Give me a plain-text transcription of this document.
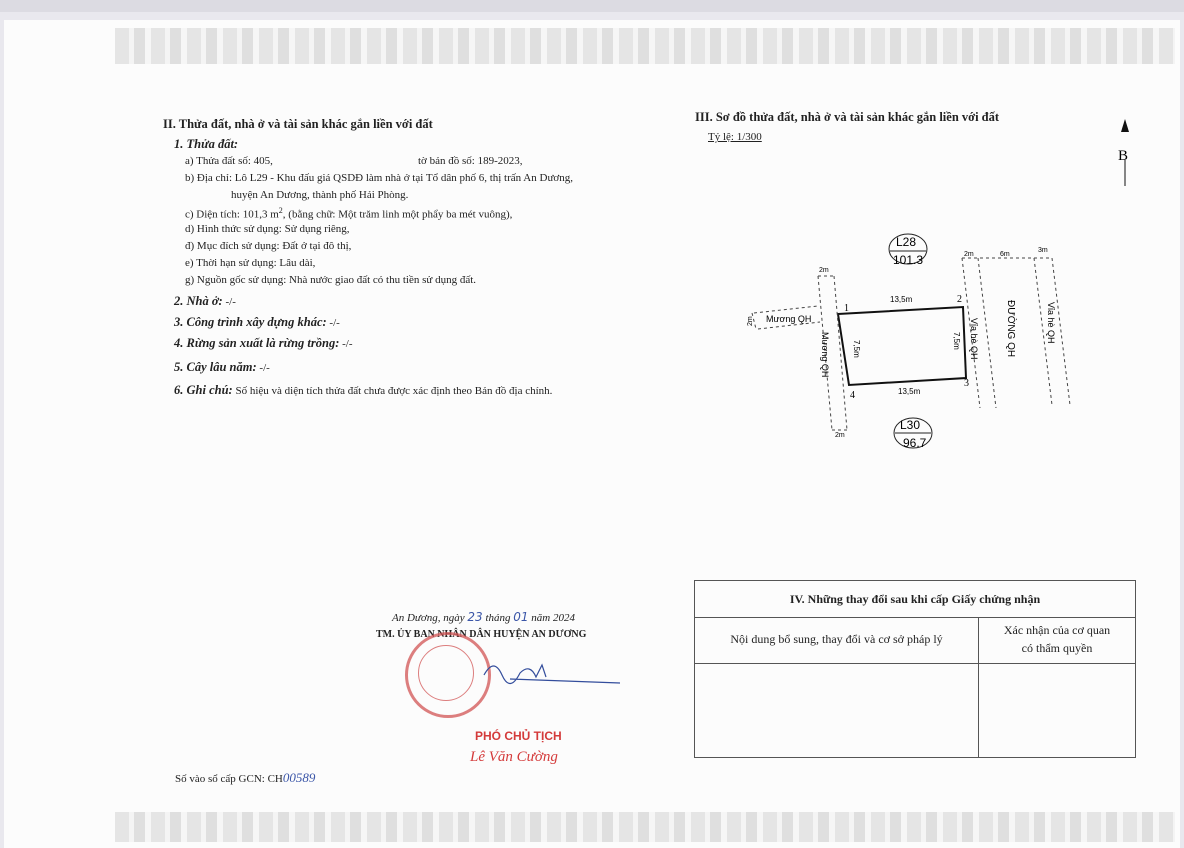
II. Thửa đất, nhà ở và tài sản khác gắn liền với đất
1. Thửa đất:
a) Thửa đất số: 405,	tờ bản đồ số: 189-2023,
b) Địa chỉ: Lô L29 - Khu đấu giá QSDĐ làm nhà ở tại Tổ dân phố 6, thị trấn An Dương,
huyện An Dương, thành phố Hải Phòng.
c) Diện tích: 101,3 $m^2$, (bằng chữ: Một trăm linh một phẩy ba mét vuông),
d) Hình thức sử dụng: Sử dụng riêng,
đ) Mục đích sử dụng: Đất ở tại đô thị,
e) Thời hạn sử dụng: Lâu dài,
g) Nguồn gốc sử dụng: Nhà nước giao đất có thu tiền sử dụng đất.
2. Nhà ở: -/-
3. Công trình xây dựng khác: -/-
4. Rừng sản xuất là rừng trồng: -/-
5. Cây lâu năm: -/-
6. Ghi chú: Số hiệu và diện tích thửa đất chưa được xác định theo Bản đồ địa chính.
III. Sơ đồ thửa đất, nhà ở và tài sản khác gắn liền với đất
Tỷ lệ: 1/300
B
L28
101.3
L30
96.7
13,5m
13,5m
7,5m	7,5m
1
2
3
4
Mương QH
Mương QH	ĐƯỜNG QH
Vỉa hè QH	Vỉa hè QH
2m
2m
2m
2m	6m
3m
An Dương, ngày 23 tháng 01 năm 2024
TM. ỦY BAN NHÂN DÂN HUYỆN AN DƯƠNG
PHÓ CHỦ TỊCH
Lê Văn Cường
Số vào sổ cấp GCN: CH00589
IV. Những thay đổi sau khi cấp Giấy chứng nhận
Nội dung bổ sung, thay đổi và cơ sở pháp lý
Xác nhận của cơ quan
có thẩm quyền
